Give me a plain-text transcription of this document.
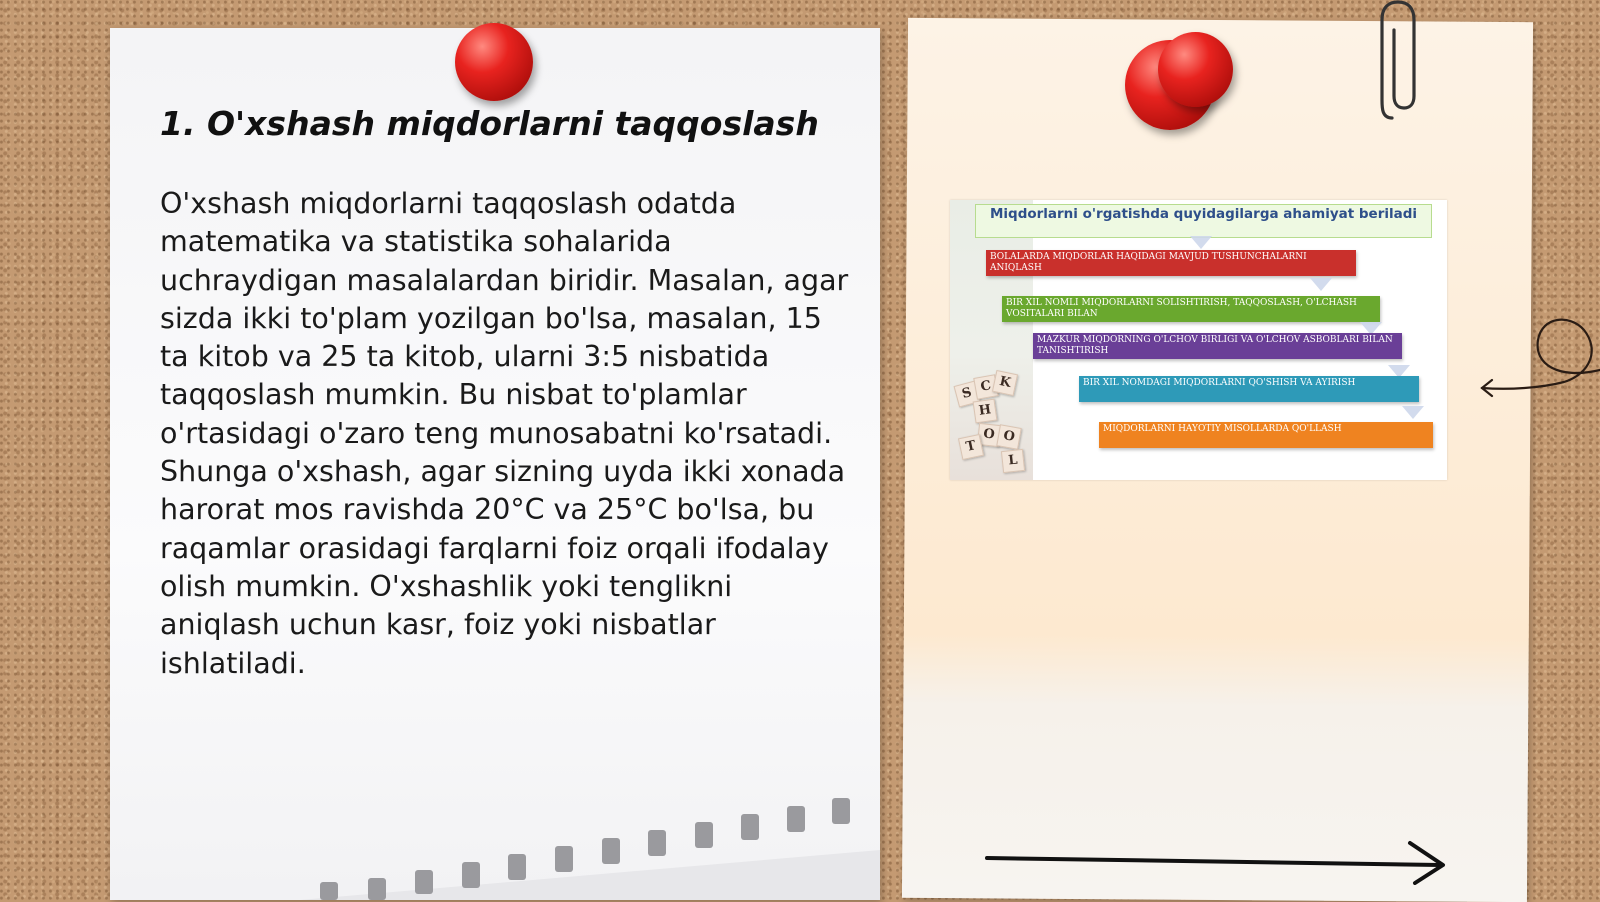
1. O'xshash miqdorlarni taqqoslash

O'xshash miqdorlarni taqqoslash odatda matematika va statistika sohalarida uchraydigan masalalardan biridir. Masalan, agar sizda ikki to'plam yozilgan bo'lsa, masalan, 15 ta kitob va 25 ta kitob, ularni 3:5 nisbatida taqqoslash mumkin. Bu nisbat to'plamlar o'rtasidagi o'zaro teng munosabatni ko'rsatadi. Shunga o'xshash, agar sizning uyda ikki xonada harorat mos ravishda 20°C va 25°C bo'lsa, bu raqamlar orasidagi farqlarni foiz orqali ifodalay olish mumkin. O'xshashlik yoki tenglikni aniqlash uchun kasr, foiz yoki nisbatlar ishlatiladi.

S C K
H
O
T
O
L
Miqdorlarni o'rgatishda quyidagilarga ahamiyat beriladi
BOLALARDA MIQDORLAR HAQIDAGI MAVJUD TUSHUNCHALARNI ANIQLASH
BIR XIL NOMLI MIQDORLARNI SOLISHTIRISH, TAQQOSLASH, O'LCHASH VOSITALARI BILAN
MAZKUR MIQDORNING O'LCHOV BIRLIGI VA O'LCHOV ASBOBLARI BILAN TANISHTIRISH
BIR XIL NOMDAGI MIQDORLARNI QO'SHISH VA AYIRISH
MIQDORLARNI HAYOTIY MISOLLARDA QO'LLASH
